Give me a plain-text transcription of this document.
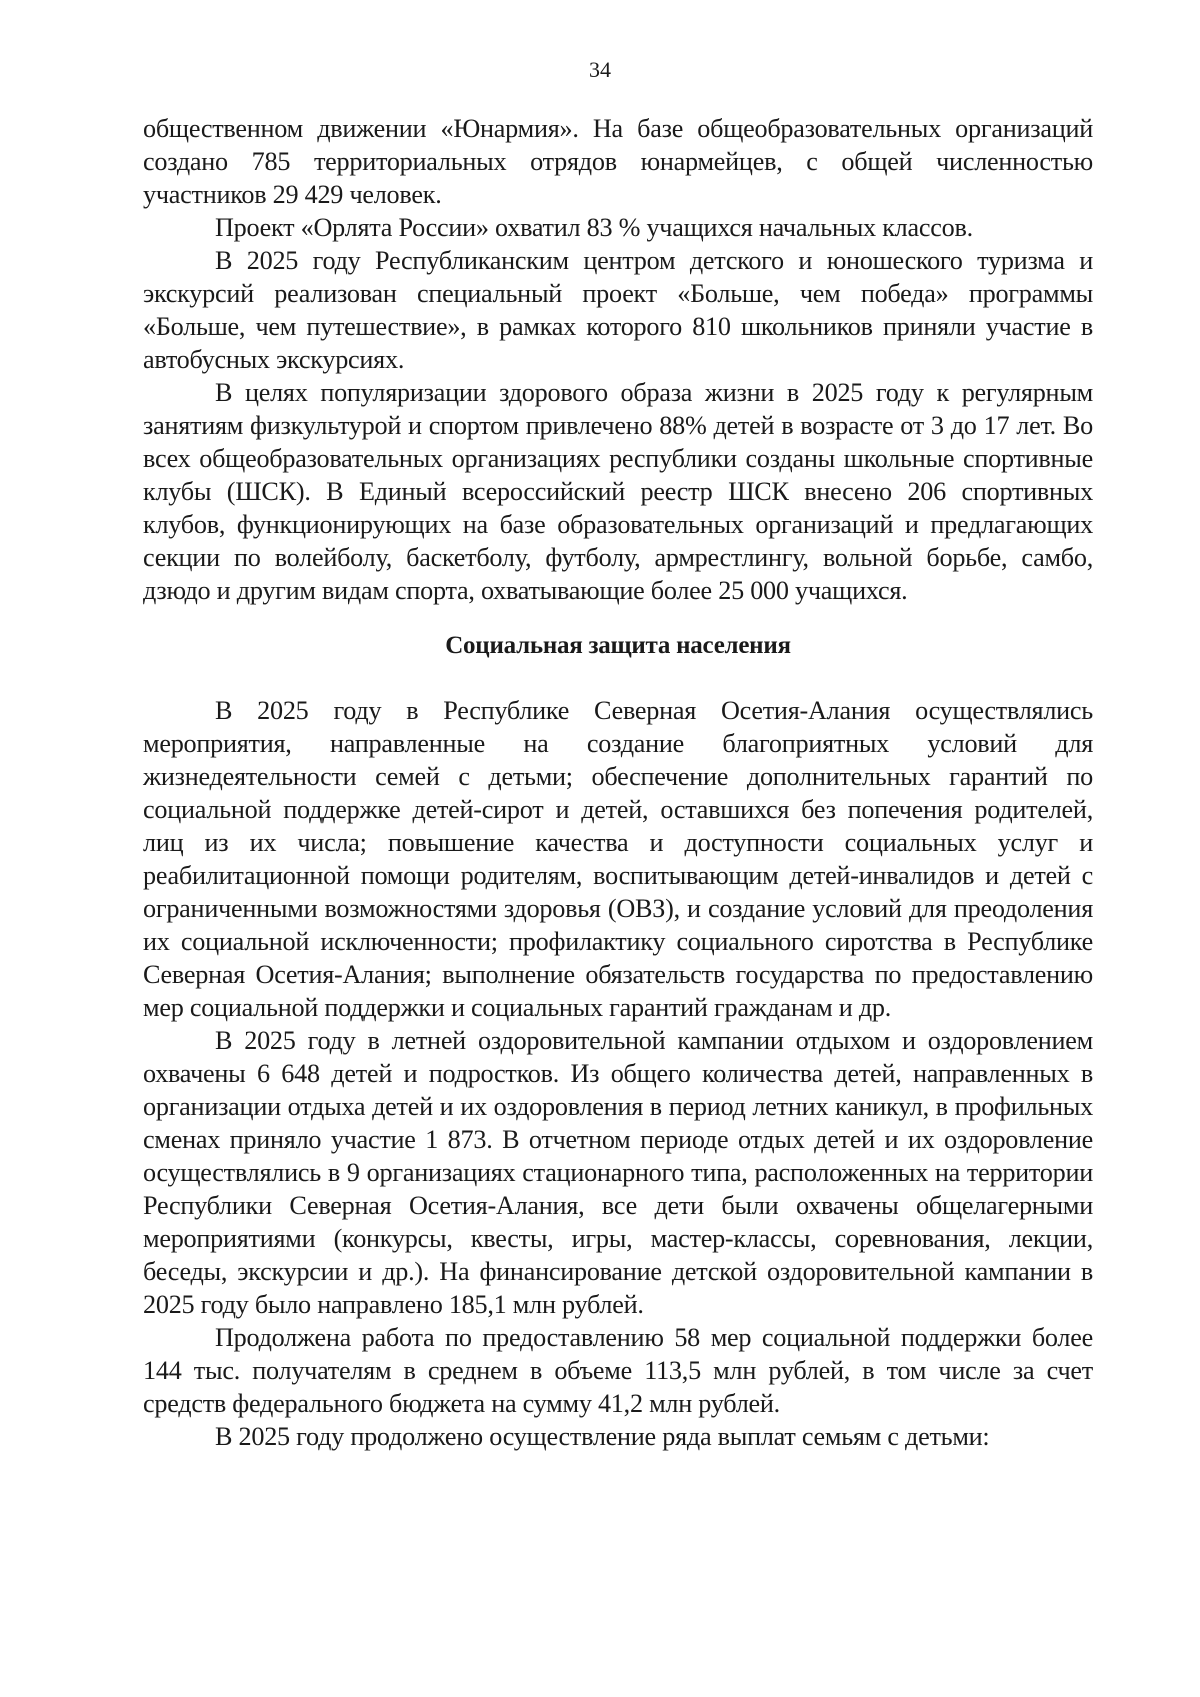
34

общественном движении «Юнармия». На базе общеобразовательных организаций создано 785 территориальных отрядов юнармейцев, с общей численностью участников 29 429 человек.

Проект «Орлята России» охватил 83 % учащихся начальных классов.

В 2025 году Республиканским центром детского и юношеского туризма и экскурсий реализован специальный проект «Больше, чем победа» программы «Больше, чем путешествие», в рамках которого 810 школьников приняли участие в автобусных экскурсиях.

В целях популяризации здорового образа жизни в 2025 году к регулярным занятиям физкультурой и спортом привлечено 88% детей в возрасте от 3 до 17 лет. Во всех общеобразовательных организациях республики созданы школьные спортивные клубы (ШСК). В Единый всероссийский реестр ШСК внесено 206 спортивных клубов, функционирующих на базе образовательных организаций и предлагающих секции по волейболу, баскетболу, футболу, армрестлингу, вольной борьбе, самбо, дзюдо и другим видам спорта, охватывающие более 25 000 учащихся.

Социальная защита населения

В 2025 году в Республике Северная Осетия-Алания осуществлялись мероприятия, направленные на создание благоприятных условий для жизнедеятельности семей с детьми; обеспечение дополнительных гарантий по социальной поддержке детей-сирот и детей, оставшихся без попечения родителей, лиц из их числа; повышение качества и доступности социальных услуг и реабилитационной помощи родителям, воспитывающим детей-инвалидов и детей с ограниченными возможностями здоровья (ОВЗ), и создание условий для преодоления их социальной исключенности; профилактику социального сиротства в Республике Северная Осетия-Алания; выполнение обязательств государства по предоставлению мер социальной поддержки и социальных гарантий гражданам и др.

В 2025 году в летней оздоровительной кампании отдыхом и оздоровлением охвачены 6 648 детей и подростков. Из общего количества детей, направленных в организации отдыха детей и их оздоровления в период летних каникул, в профильных сменах приняло участие 1 873. В отчетном периоде отдых детей и их оздоровление осуществлялись в 9 организациях стационарного типа, расположенных на территории Республики Северная Осетия-Алания, все дети были охвачены общелагерными мероприятиями (конкурсы, квесты, игры, мастер-классы, соревнования, лекции, беседы, экскурсии и др.). На финансирование детской оздоровительной кампании в 2025 году было направлено 185,1 млн рублей.

Продолжена работа по предоставлению 58 мер социальной поддержки более 144 тыс. получателям в среднем в объеме 113,5 млн рублей, в том числе за счет средств федерального бюджета на сумму 41,2 млн рублей.

В 2025 году продолжено осуществление ряда выплат семьям с детьми:
